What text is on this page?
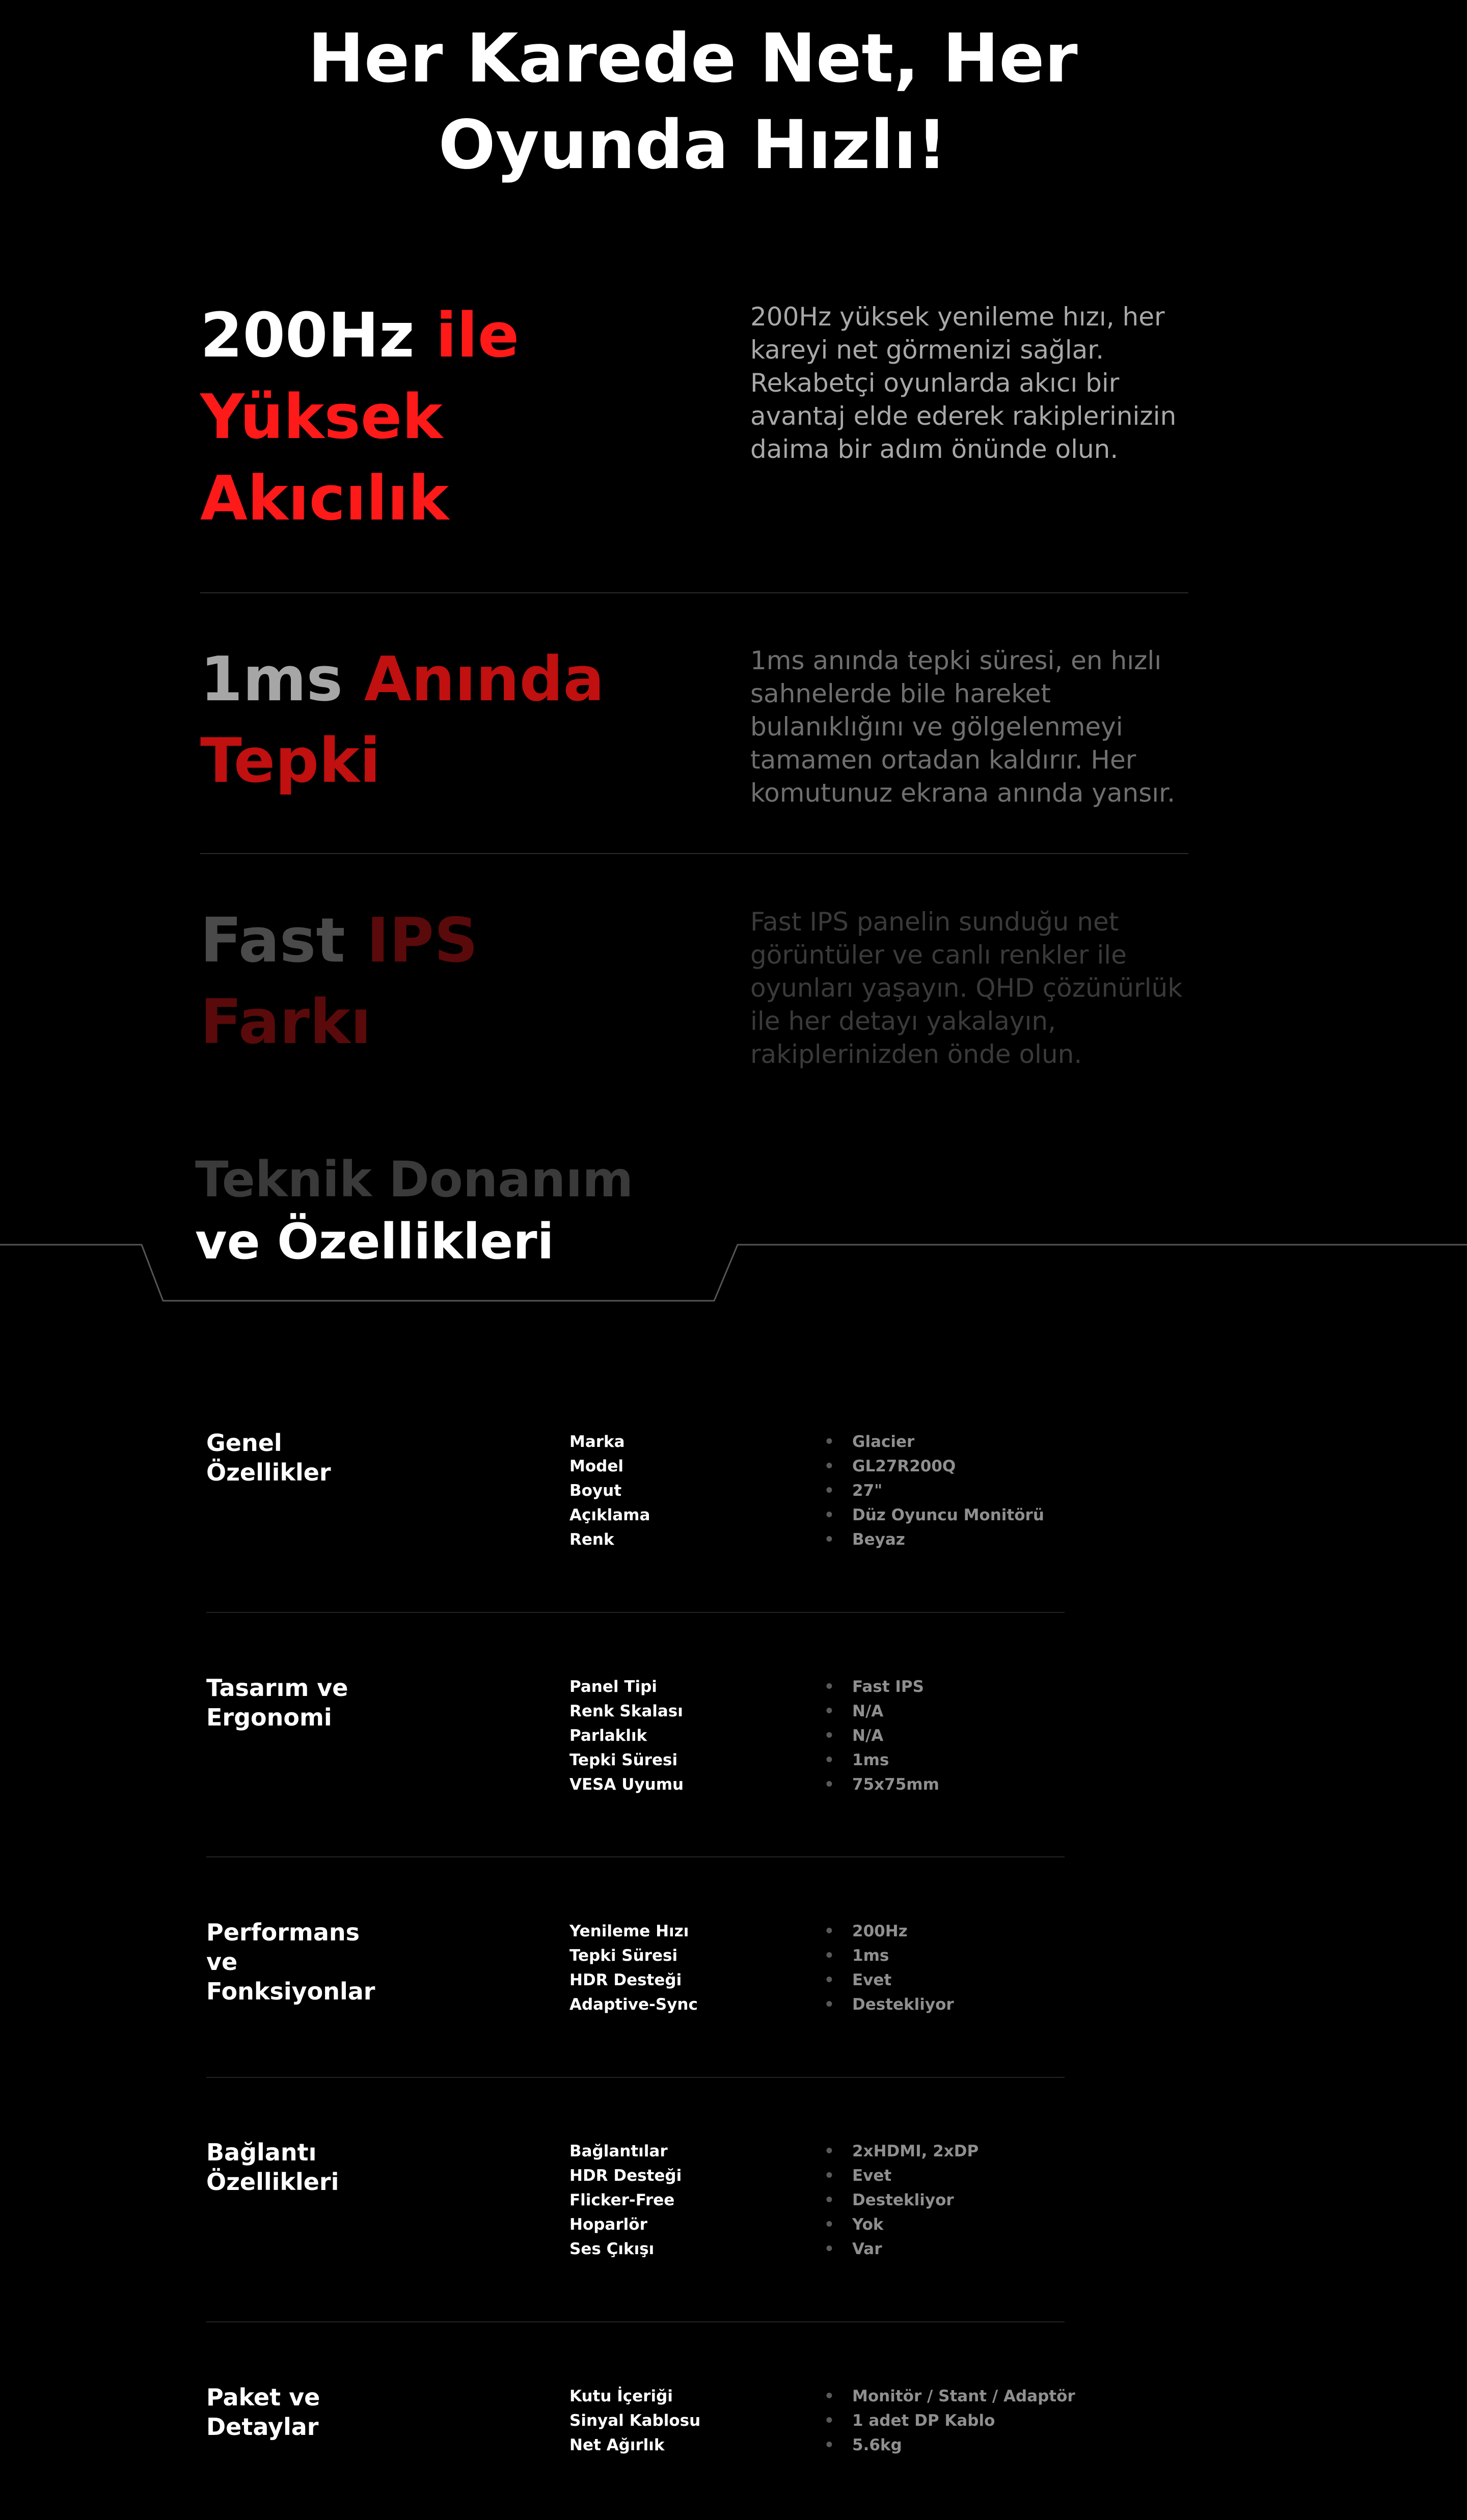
Her Karede Net, Her
Oyunda Hızlı!
200Hz ile
Yüksek
Akıcılık

200Hz yüksek yenileme hızı, her kareyi net görmenizi sağlar. Rekabetçi oyunlarda akıcı bir avantaj elde ederek rakiplerinizin daima bir adım önünde olun.

1ms Anında
Tepki

1ms anında tepki süresi, en hızlı sahnelerde bile hareket bulanıklığını ve gölgelenmeyi tamamen ortadan kaldırır. Her komutunuz ekrana anında yansır.

Fast IPS
Farkı

Fast IPS panelin sunduğu net görüntüler ve canlı renkler ile oyunları yaşayın. QHD çözünürlük ile her detayı yakalayın, rakiplerinizden önde olun.

Teknik Donanım
ve Özellikleri
Genel
Özellikler
Marka	• Glacier
Model	• GL27R200Q
Boyut	• 27"
Açıklama	• Düz Oyuncu Monitörü
Renk	• Beyaz
Tasarım ve
Ergonomi
Panel Tipi	• Fast IPS
Renk Skalası	• N/A
Parlaklık	• N/A
Tepki Süresi	• 1ms
VESA Uyumu	• 75x75mm
Performans
ve
Fonksiyonlar
Yenileme Hızı	• 200Hz
Tepki Süresi	• 1ms
HDR Desteği	• Evet
Adaptive-Sync	• Destekliyor
Bağlantı
Özellikleri
Bağlantılar	• 2xHDMI, 2xDP
HDR Desteği	• Evet
Flicker-Free	• Destekliyor
Hoparlör	• Yok
Ses Çıkışı	• Var
Paket ve
Detaylar
Kutu İçeriği	• Monitör / Stant / Adaptör
Sinyal Kablosu	• 1 adet DP Kablo
Net Ağırlık	• 5.6kg
